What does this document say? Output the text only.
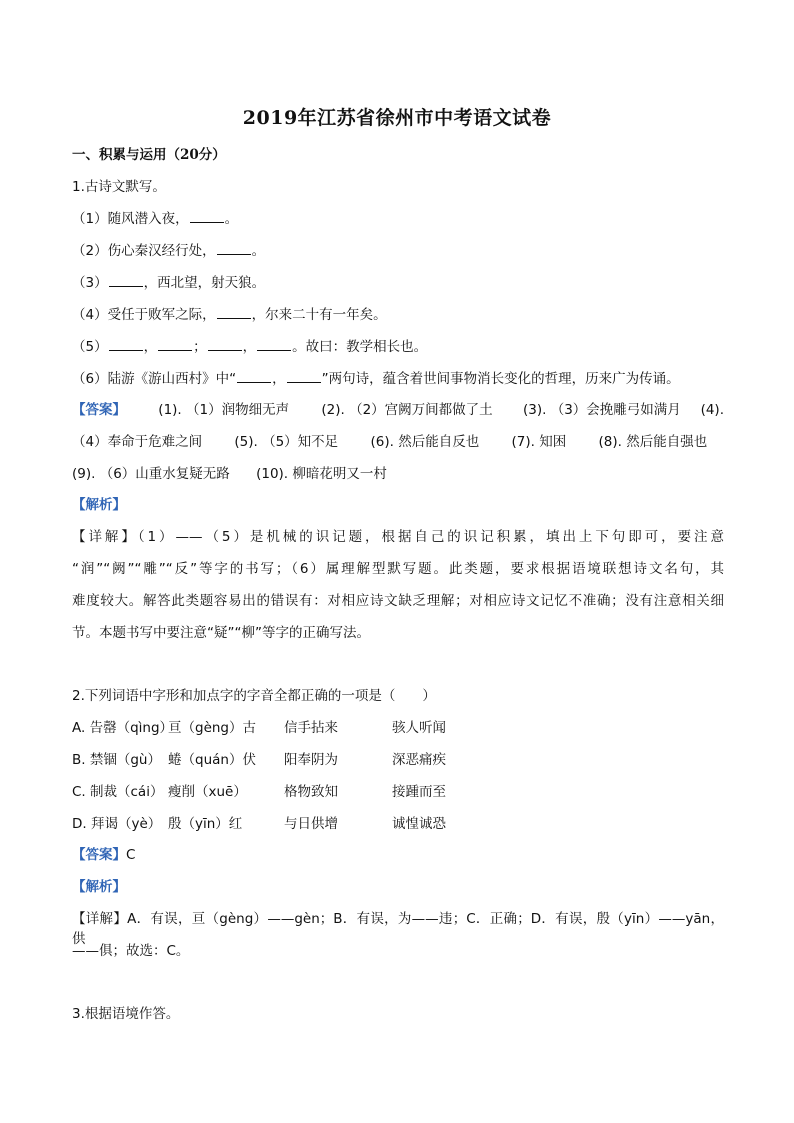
2019年江苏省徐州市中考语文试卷
一、积累与运用（20分）
1.古诗文默写。
（1）随风潜入夜，	。
（2）伤心秦汉经行处，	。
（3）	，西北望，射天狼。
（4）受任于败军之际，	，尔来二十有一年矣。
（5）	，	；	，	。故曰：教学相长也。
（6）陆游《游山西村》中“	，	”两句诗，蕴含着世间事物消长变化的哲理，历来广为传诵。
【答案】 (1). （1）润物细无声 (2). （2）宫阙万间都做了土 (3). （3）会挽雕弓如满月 (4).
（4）奉命于危难之间 (5). （5）知不足 (6). 然后能自反也 (7). 知困 (8). 然后能自强也
(9). （6）山重水复疑无路 (10). 柳暗花明又一村
【解析】
【详解】（1）——（5）是机械的识记题，根据自己的识记积累，填出上下句即可，要注意
“润”“阙”“雕”“反”等字的书写；（6）属理解型默写题。此类题，要求根据语境联想诗文名句，其
难度较大。解答此类题容易出的错误有：对相应诗文缺乏理解；对相应诗文记忆不准确；没有注意相关细
节。本题书写中要注意“疑”“柳”等字的正确写法。
2.下列词语中字形和加点字的字音全都正确的一项是（　　）
A. 告罄（qìng）亘（gèng）古 信手拈来	骇人听闻
B. 禁锢（gù） 蜷（quán）伏 阳奉阴为	深恶痛疾
C. 制裁（cái） 瘦削（xuē）	格物致知	接踵而至
D. 拜谒（yè） 殷（yīn）红	与日供增	诚惶诚恐
【答案】C
【解析】
【详解】A．有误，亘（gèng）——gèn；B．有误，为——违；C．正确；D．有误，殷（yīn）——yān，供
——俱；故选：C。
3.根据语境作答。
